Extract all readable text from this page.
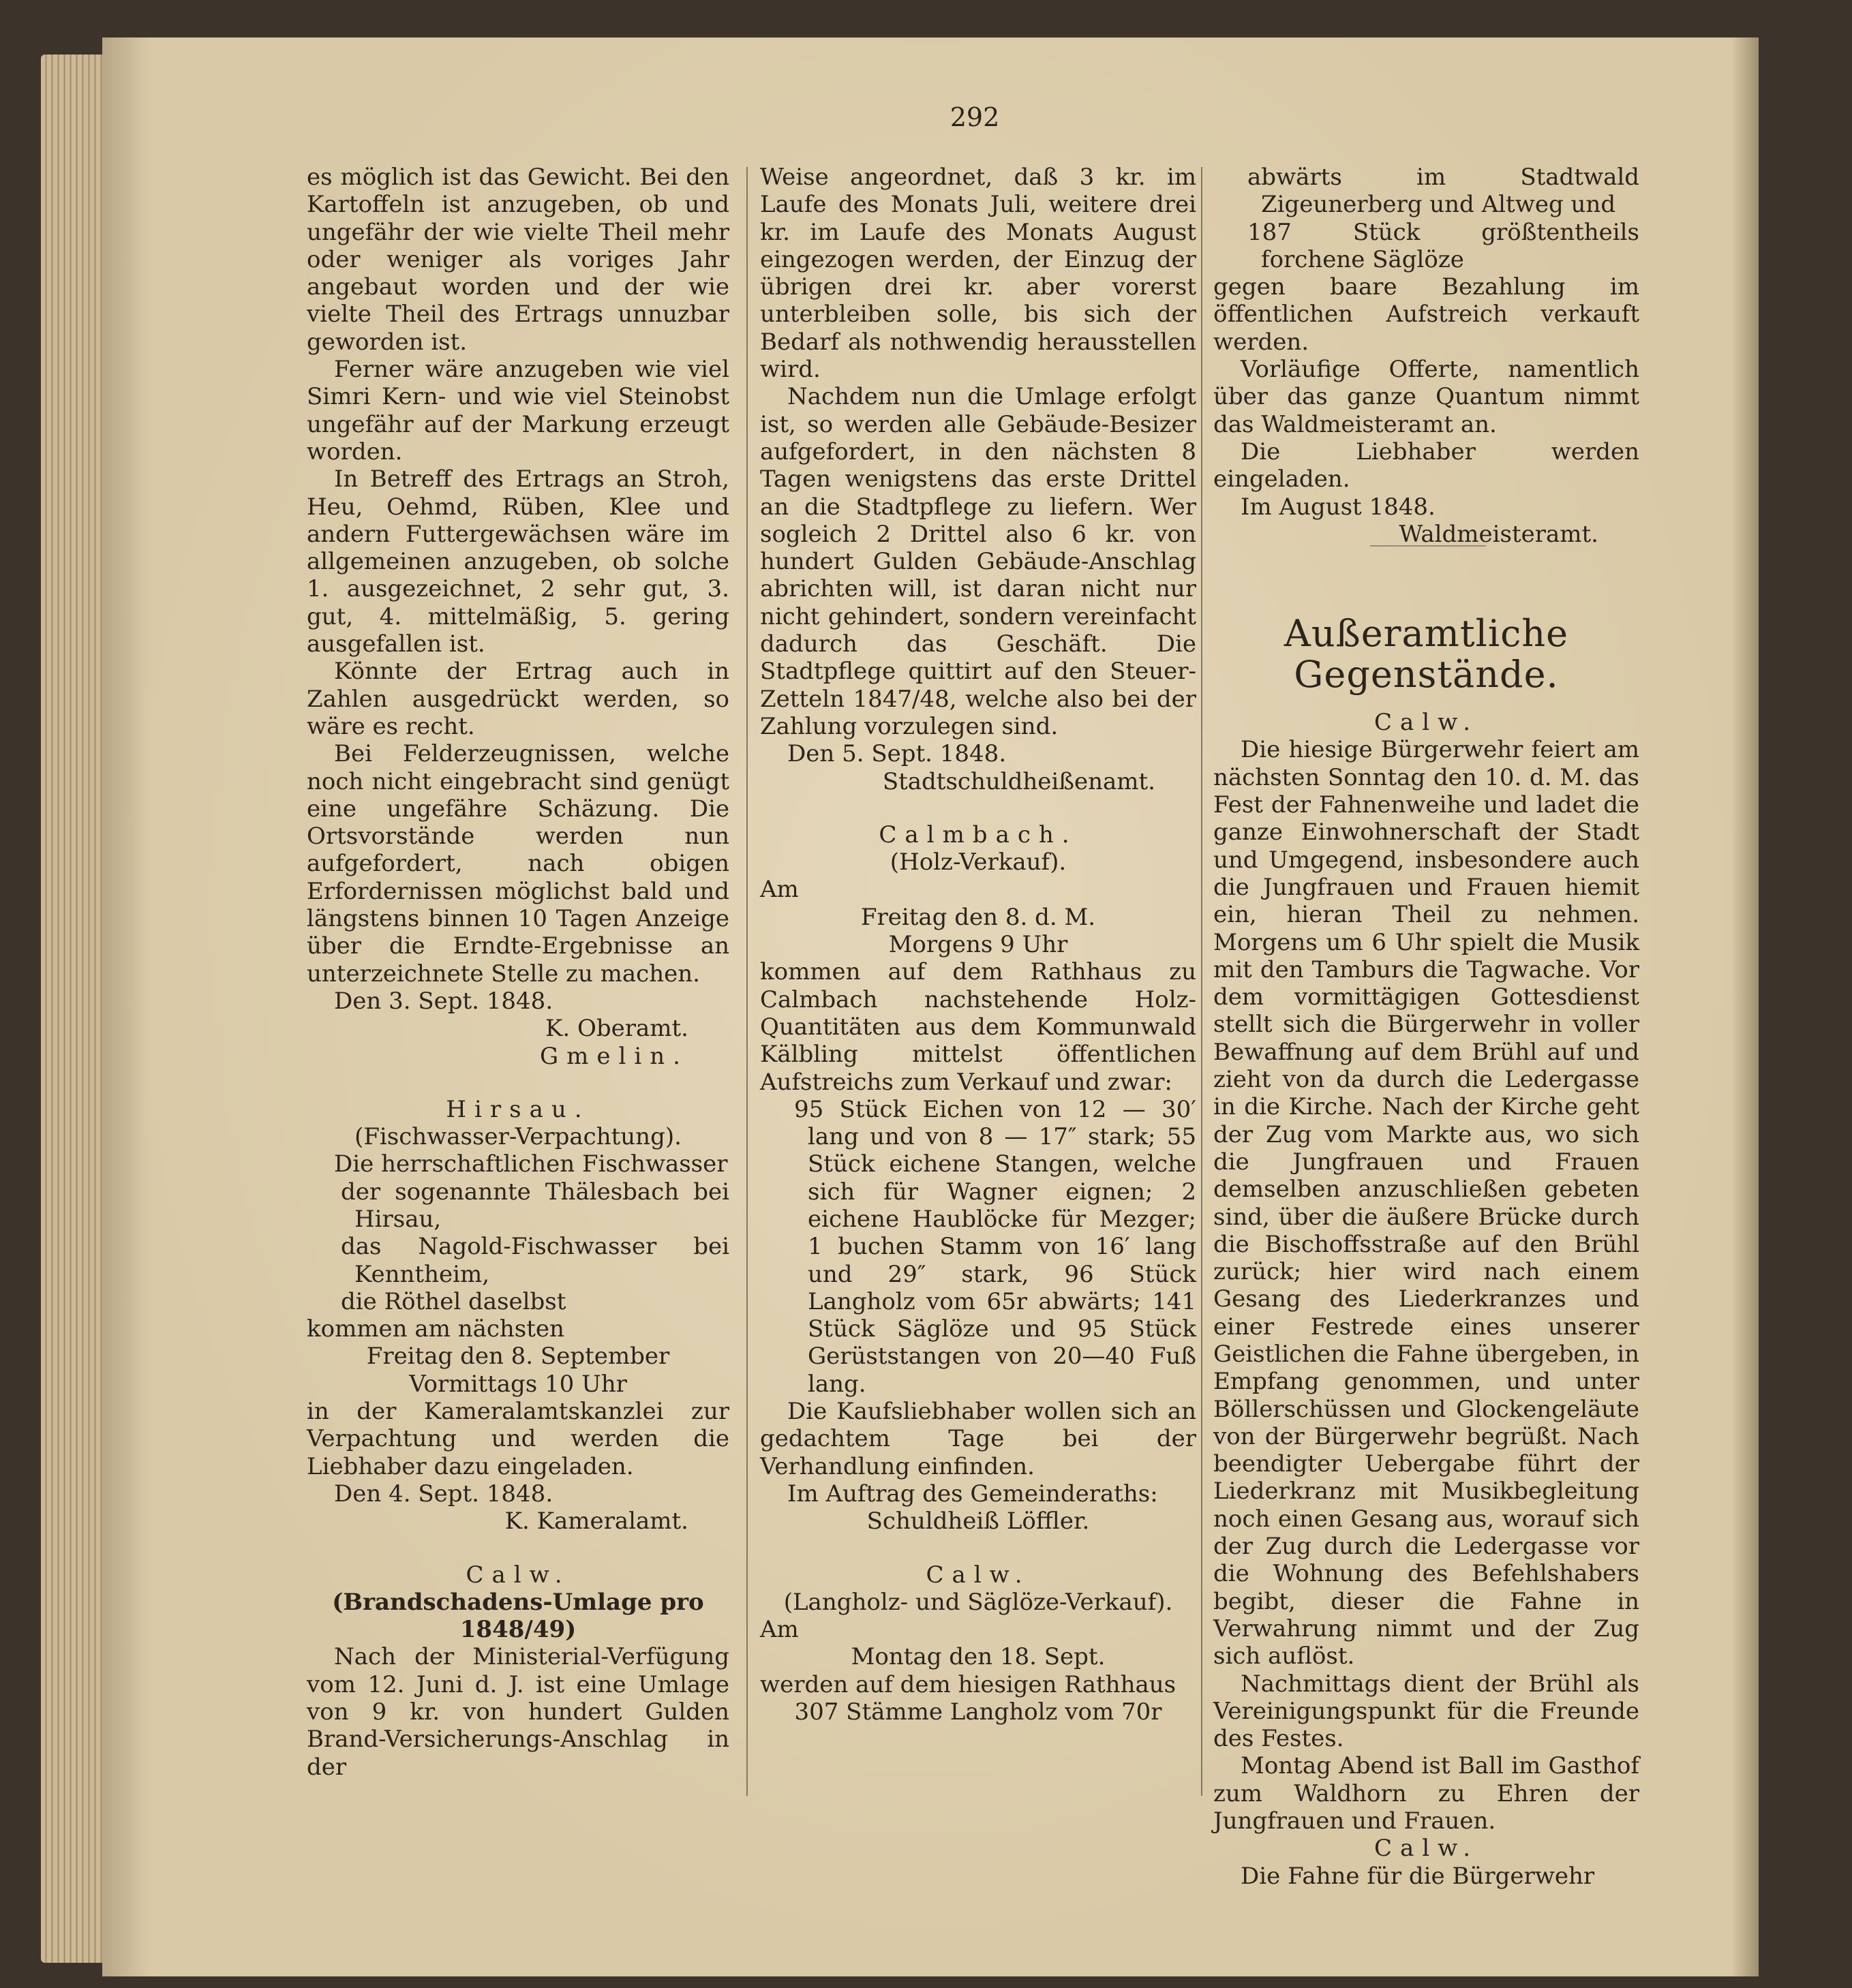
292

es möglich ist das Gewicht. Bei den Kartoffeln ist anzugeben, ob und ungefähr der wie vielte Theil mehr oder weniger als voriges Jahr angebaut worden und der wie vielte Theil des Ertrags unnuzbar geworden ist.

Ferner wäre anzugeben wie viel Simri Kern- und wie viel Steinobst ungefähr auf der Markung erzeugt worden.

In Betreff des Ertrags an Stroh, Heu, Oehmd, Rüben, Klee und andern Futtergewächsen wäre im allgemeinen anzugeben, ob solche 1. ausgezeichnet, 2 sehr gut, 3. gut, 4. mittelmäßig, 5. gering ausgefallen ist.

Könnte der Ertrag auch in Zahlen ausgedrückt werden, so wäre es recht.

Bei Felderzeugnissen, welche noch nicht eingebracht sind genügt eine ungefähre Schäzung. Die Ortsvorstände werden nun aufgefordert, nach obigen Erfordernissen möglichst bald und längstens binnen 10 Tagen Anzeige über die Erndte-Ergebnisse an unterzeichnete Stelle zu machen.

Den 3. Sept. 1848.

K. Oberamt.

Gmelin.

Hirsau.

(Fischwasser-Verpachtung).

Die herrschaftlichen Fischwasser

der sogenannte Thälesbach bei Hirsau,

das Nagold-Fischwasser bei Kenntheim,

die Röthel daselbst

kommen am nächsten

Freitag den 8. September

Vormittags 10 Uhr

in der Kameralamtskanzlei zur Verpachtung und werden die Liebhaber dazu eingeladen.

Den 4. Sept. 1848.

K. Kameralamt.

Calw.

(Brandschadens-Umlage pro 1848/49)

Nach der Ministerial-Verfügung vom 12. Juni d. J. ist eine Umlage von 9 kr. von hundert Gulden Brand-Versicherungs-Anschlag in der

Weise angeordnet, daß 3 kr. im Laufe des Monats Juli, weitere drei kr. im Laufe des Monats August eingezogen werden, der Einzug der übrigen drei kr. aber vorerst unterbleiben solle, bis sich der Bedarf als nothwendig herausstellen wird.

Nachdem nun die Umlage erfolgt ist, so werden alle Gebäude-Besizer aufgefordert, in den nächsten 8 Tagen wenigstens das erste Drittel an die Stadtpflege zu liefern. Wer sogleich 2 Drittel also 6 kr. von hundert Gulden Gebäude-Anschlag abrichten will, ist daran nicht nur nicht gehindert, sondern vereinfacht dadurch das Geschäft. Die Stadtpflege quittirt auf den Steuer-Zetteln 1847/48, welche also bei der Zahlung vorzulegen sind.

Den 5. Sept. 1848.

Stadtschuldheißenamt.

Calmbach.

(Holz-Verkauf).

Am

Freitag den 8. d. M.

Morgens 9 Uhr

kommen auf dem Rathhaus zu Calmbach nachstehende Holz-Quantitäten aus dem Kommunwald Kälbling mittelst öffentlichen Aufstreichs zum Verkauf und zwar:

95 Stück Eichen von 12 — 30′ lang und von 8 — 17″ stark; 55 Stück eichene Stangen, welche sich für Wagner eignen; 2 eichene Haublöcke für Mezger; 1 buchen Stamm von 16′ lang und 29″ stark, 96 Stück Langholz vom 65r abwärts; 141 Stück Säglöze und 95 Stück Gerüststangen von 20—40 Fuß lang.

Die Kaufsliebhaber wollen sich an gedachtem Tage bei der Verhandlung einfinden.

Im Auftrag des Gemeinderaths:

Schuldheiß Löffler.

Calw.

(Langholz- und Säglöze-Verkauf).

Am

Montag den 18. Sept.

werden auf dem hiesigen Rathhaus

307 Stämme Langholz vom 70r

abwärts im Stadtwald Zigeunerberg und Altweg und

187 Stück größtentheils forchene Säglöze

gegen baare Bezahlung im öffentlichen Aufstreich verkauft werden.

Vorläufige Offerte, namentlich über das ganze Quantum nimmt das Waldmeisteramt an.

Die Liebhaber werden eingeladen.

Im August 1848.

Waldmeisteramt.

Außeramtliche Gegenstände.

Calw.

Die hiesige Bürgerwehr feiert am nächsten Sonntag den 10. d. M. das Fest der Fahnenweihe und ladet die ganze Einwohnerschaft der Stadt und Umgegend, insbesondere auch die Jungfrauen und Frauen hiemit ein, hieran Theil zu nehmen. Morgens um 6 Uhr spielt die Musik mit den Tamburs die Tagwache. Vor dem vormittägigen Gottesdienst stellt sich die Bürgerwehr in voller Bewaffnung auf dem Brühl auf und zieht von da durch die Ledergasse in die Kirche. Nach der Kirche geht der Zug vom Markte aus, wo sich die Jungfrauen und Frauen demselben anzuschließen gebeten sind, über die äußere Brücke durch die Bischoffsstraße auf den Brühl zurück; hier wird nach einem Gesang des Liederkranzes und einer Festrede eines unserer Geistlichen die Fahne übergeben, in Empfang genommen, und unter Böllerschüssen und Glockengeläute von der Bürgerwehr begrüßt. Nach beendigter Uebergabe führt der Liederkranz mit Musikbegleitung noch einen Gesang aus, worauf sich der Zug durch die Ledergasse vor die Wohnung des Befehlshabers begibt, dieser die Fahne in Verwahrung nimmt und der Zug sich auflöst.

Nachmittags dient der Brühl als Vereinigungspunkt für die Freunde des Festes.

Montag Abend ist Ball im Gasthof zum Waldhorn zu Ehren der Jungfrauen und Frauen.

Calw.

Die Fahne für die Bürgerwehr
